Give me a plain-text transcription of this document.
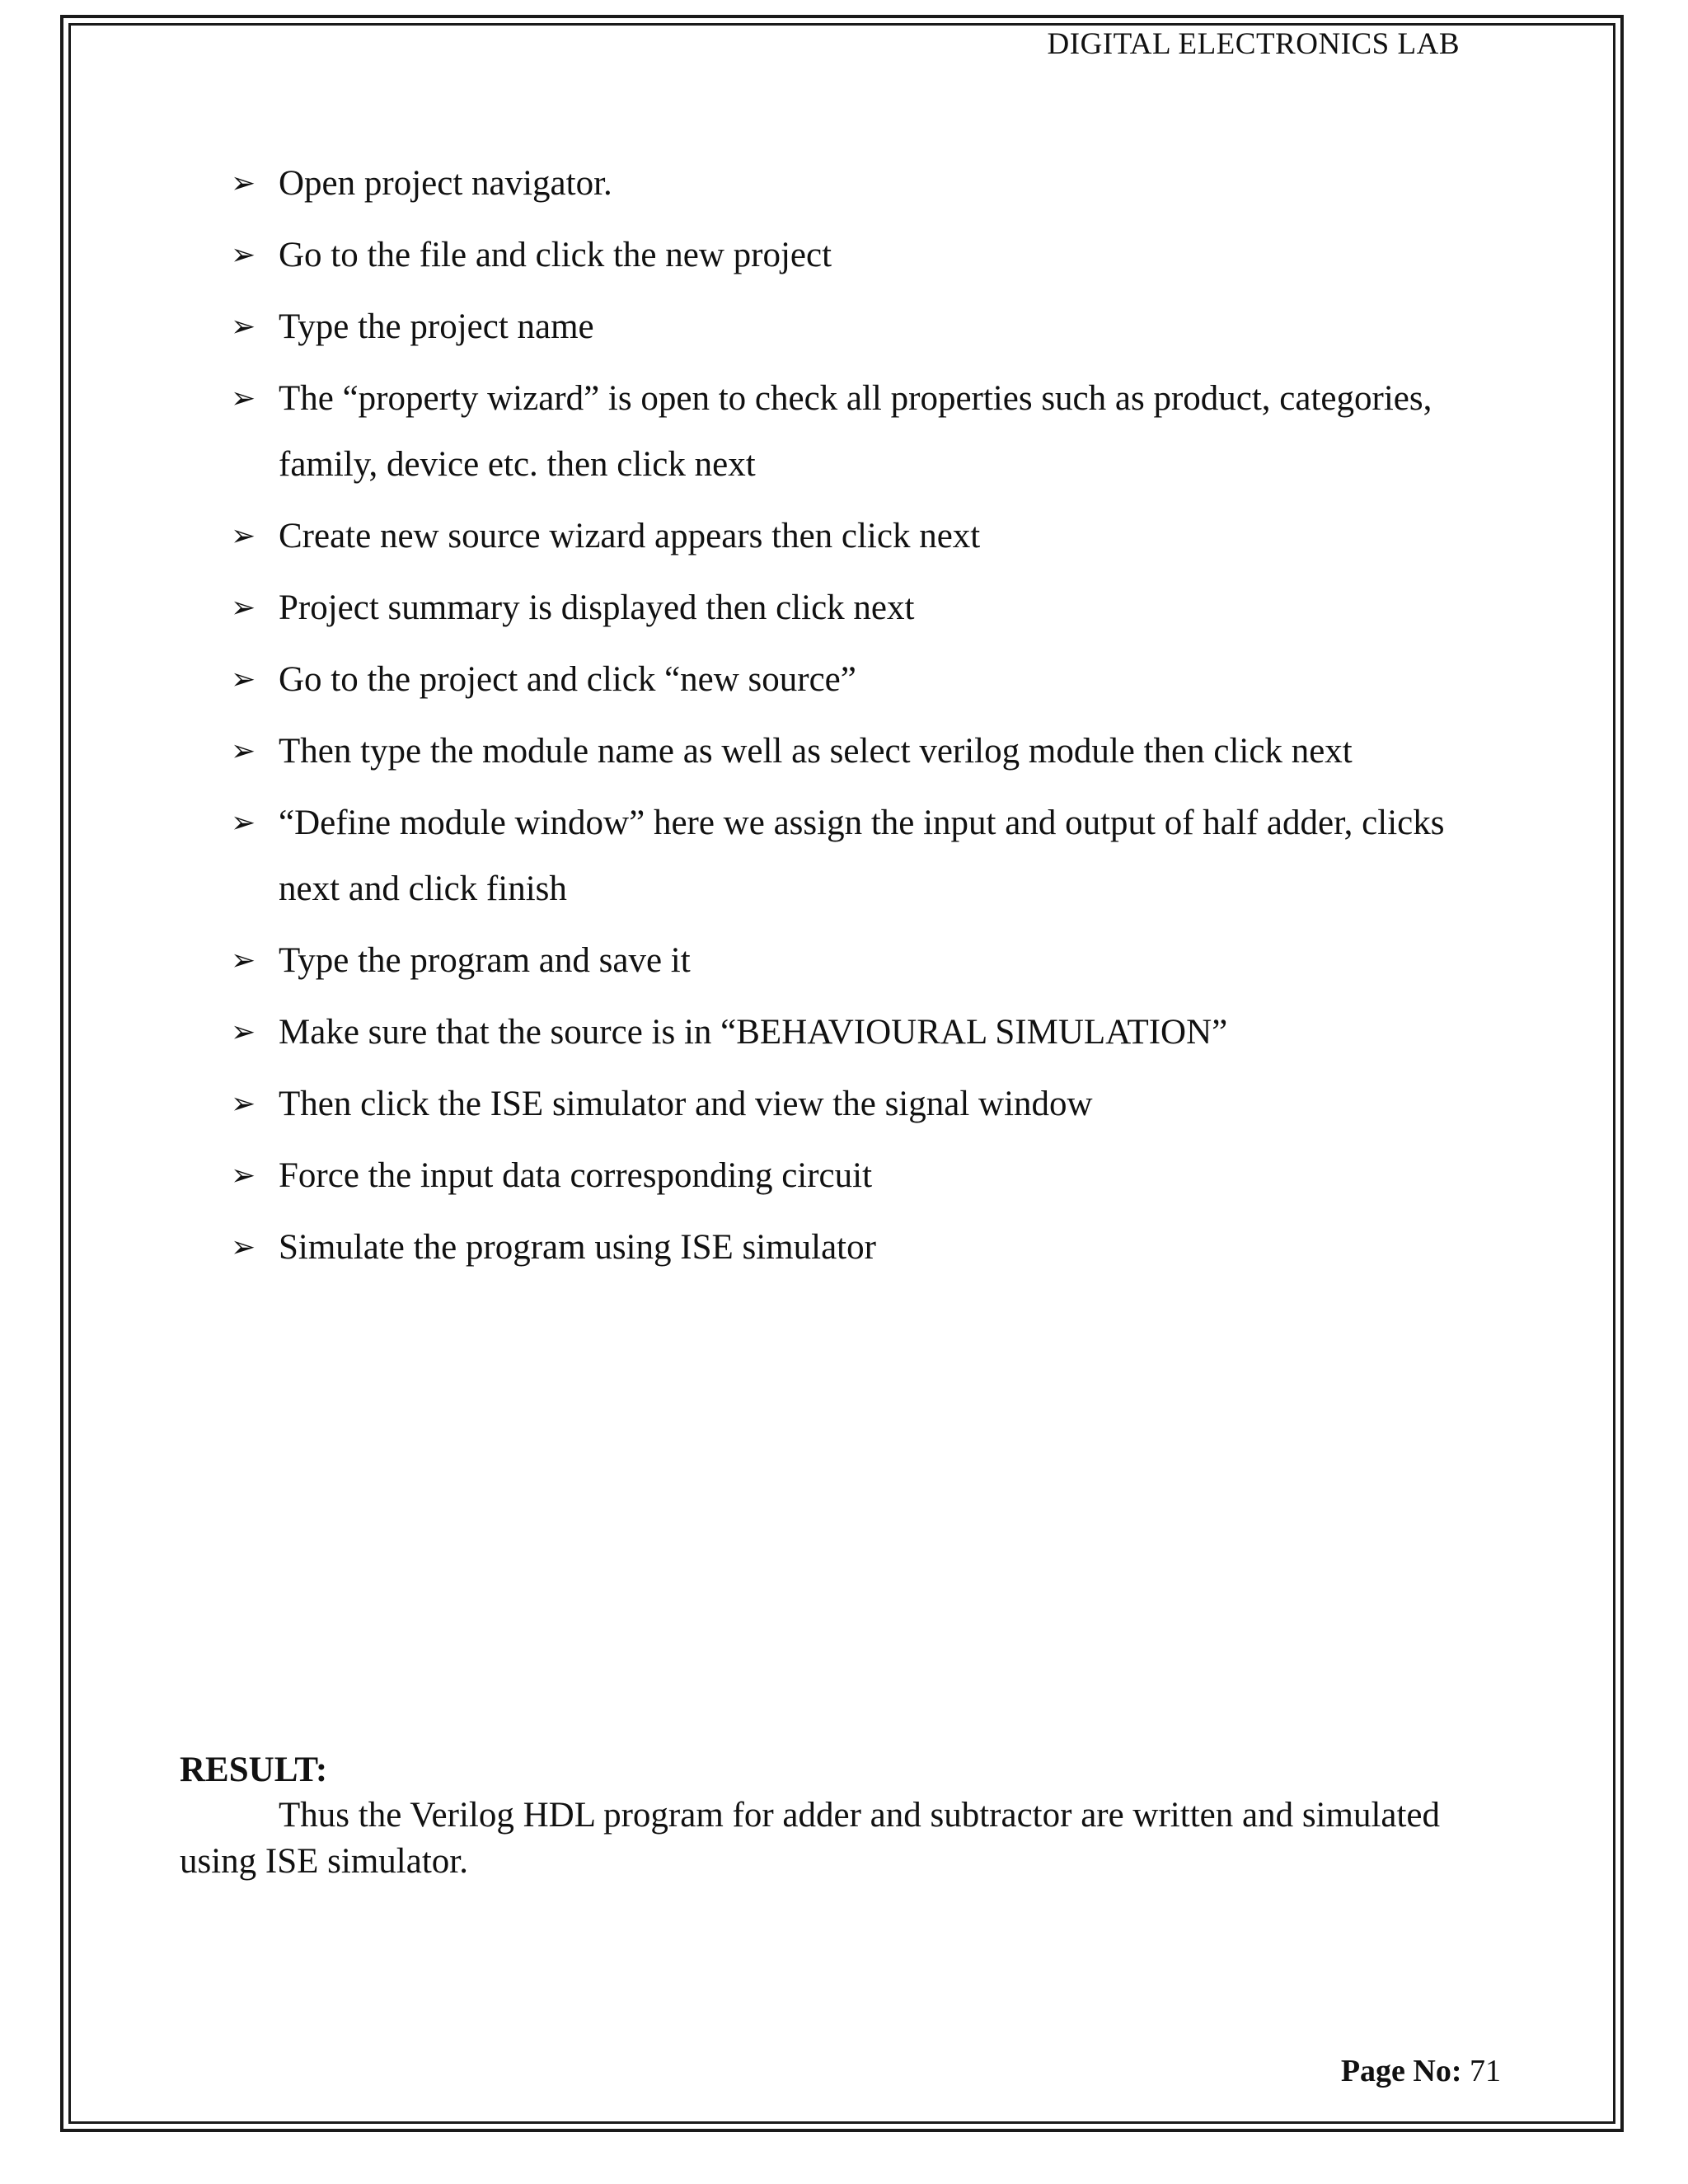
DIGITAL ELECTRONICS LAB
➢ Open project navigator.
➢ Go to the file and click the new project
➢ Type the project name
➢ The “property wizard” is open to check all properties such as product, categories, family, device etc. then click next
➢ Create new source wizard appears then click next
➢ Project summary is displayed then click next
➢ Go to the project and click “new source”
➢ Then type the module name as well as select verilog module then click next
➢ “Define module window” here we assign the input and output of half adder, clicks next and click finish
➢ Type the program and save it
➢ Make sure that the source is in “BEHAVIOURAL SIMULATION”
➢ Then click the ISE simulator and view the signal window
➢ Force the input data corresponding circuit
➢ Simulate the program using ISE simulator
RESULT:
Thus the Verilog HDL program for adder and subtractor are written and simulated using ISE simulator.
Page No: 71
